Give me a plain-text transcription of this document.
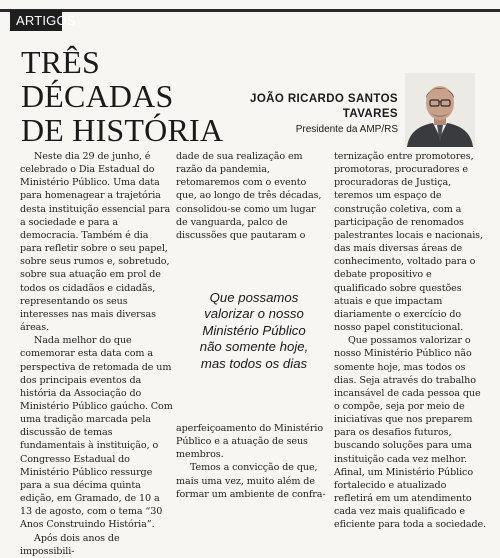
ARTIGOS
TRÊS DÉCADAS
DE HISTÓRIA
JOÃO RICARDO SANTOS
TAVARES
Presidente da AMP/RS

Neste dia 29 de junho, é celebrado o Dia Estadual do Ministério Público. Uma data para homenagear a trajetória desta instituição essencial para a sociedade e para a democracia. Também é dia para refletir sobre o seu papel, sobre seus rumos e, sobretudo, sobre sua atuação em prol de todos os cidadãos e cidadãs, representando os seus interesses nas mais diversas áreas.

Nada melhor do que comemorar esta data com a perspectiva de retomada de um dos principais eventos da história da Associação do Ministério Público gaúcho. Com uma tradição marcada pela discussão de temas fundamentais à instituição, o Congresso Estadual do Ministério Público ressurge para a sua décima quinta edição, em Gramado, de 10 a 13 de agosto, com o tema “30 Anos Construindo História”.

Após dois anos de impossibili-

dade de sua realização em razão da pandemia, retomaremos com o evento que, ao longo de três décadas, consolidou-se como um lugar de vanguarda, palco de discussões que pautaram o

Que possamos
valorizar o nosso
Ministério Público
não somente hoje,
mas todos os dias

aperfeiçoamento do Ministério Público e a atuação de seus membros.

Temos a convicção de que, mais uma vez, muito além de formar um ambiente de confra-

ternização entre promotores, promotoras, procuradores e procuradoras de Justiça, teremos um espaço de construção coletiva, com a participação de renomados palestrantes locais e nacionais, das mais diversas áreas de conhecimento, voltado para o debate propositivo e qualificado sobre questões atuais e que impactam diariamente o exercício do nosso papel constitucional.

Que possamos valorizar o nosso Ministério Público não somente hoje, mas todos os dias. Seja através do trabalho incansável de cada pessoa que o compõe, seja por meio de iniciativas que nos preparem para os desafios futuros, buscando soluções para uma instituição cada vez melhor. Afinal, um Ministério Público fortalecido e atualizado refletirá em um atendimento cada vez mais qualificado e eficiente para toda a sociedade.
